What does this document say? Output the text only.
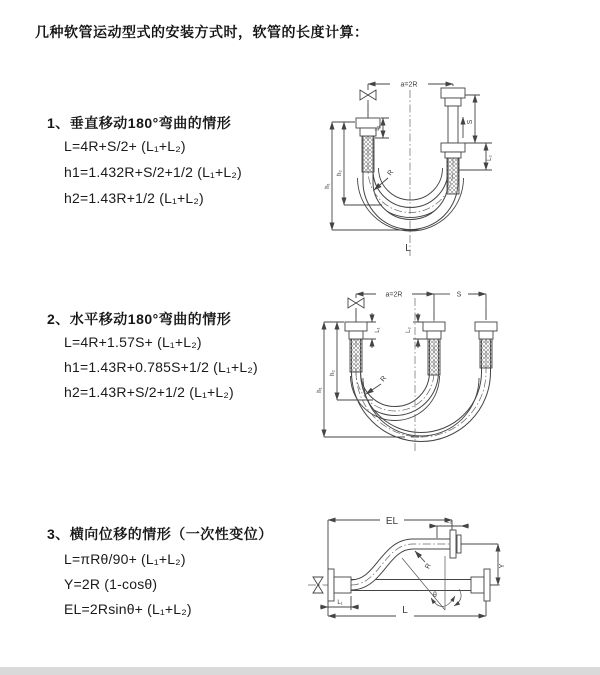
几种软管运动型式的安装方式时，软管的长度计算：
1、垂直移动180°弯曲的情形
L=4R+S/2+ (L₁+L₂)
h1=1.432R+S/2+1/2 (L₁+L₂)
h2=1.43R+1/2 (L₁+L₂)
2、水平移动180°弯曲的情形
L=4R+1.57S+ (L₁+L₂)
h1=1.43R+0.785S+1/2 (L₁+L₂)
h2=1.43R+S/2+1/2 (L₁+L₂)
3、横向位移的情形（一次性变位）
L=πRθ/90+ (L₁+L₂)
Y=2R (1-cosθ)
EL=2Rsinθ+ (L₁+L₂)
a=2R
S
L₂
h₁
h₂
L₁
R
L
a=2R	S
h₁
h₂
L₁	L₂
R
EL	L₂
Y
R
θ
L
L₁
